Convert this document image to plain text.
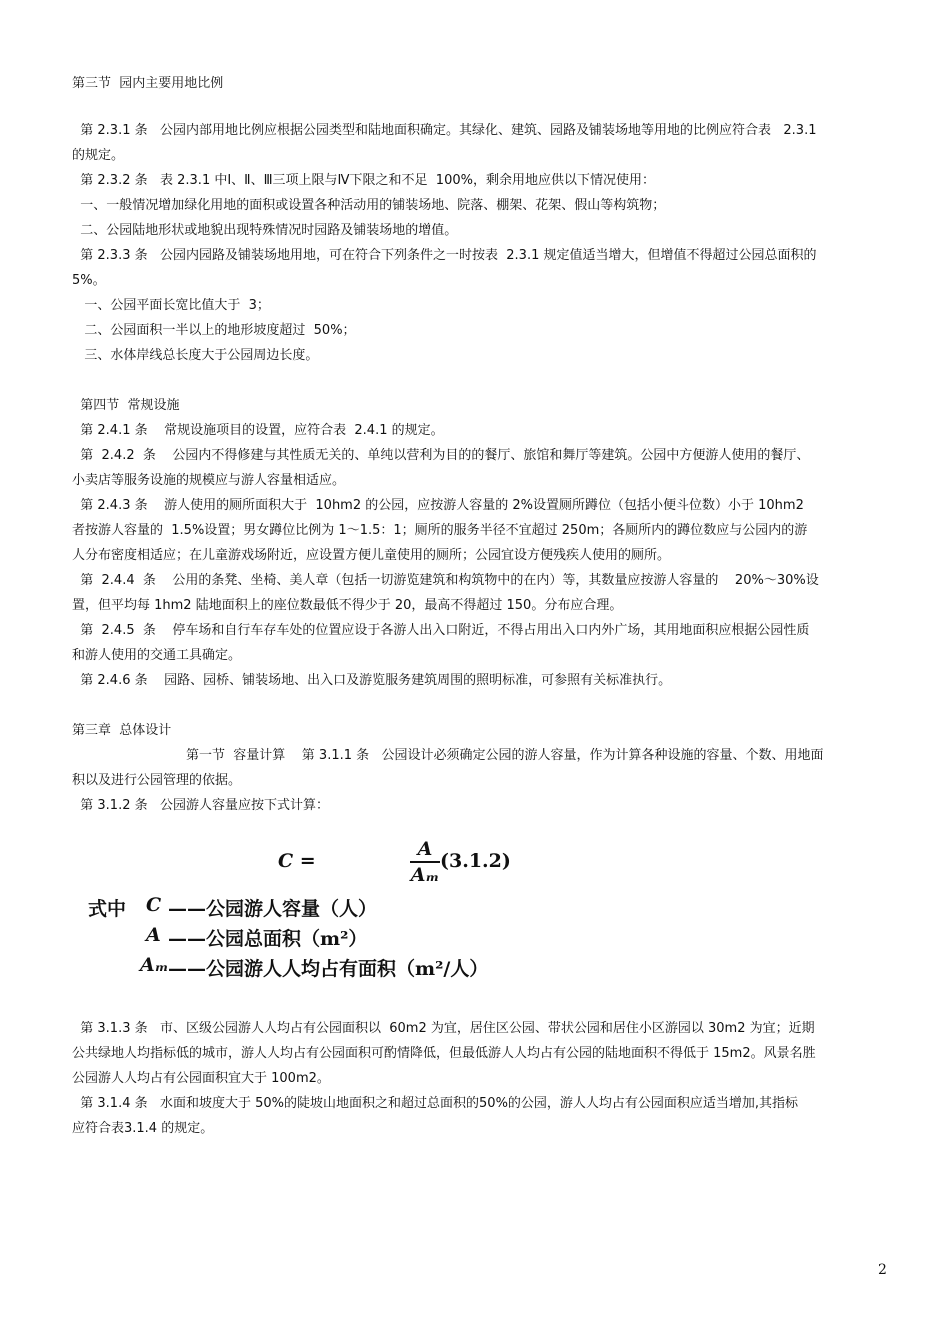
第三节  园内主要用地比例
第 2.3.1 条   公园内部用地比例应根据公园类型和陆地面积确定。其绿化、建筑、园路及铺装场地等用地的比例应符合表   2.3.1
的规定。
第 2.3.2 条   表 2.3.1 中Ⅰ、Ⅱ、Ⅲ三项上限与Ⅳ下限之和不足  100%，剩余用地应供以下情况使用：
一、一般情况增加绿化用地的面积或设置各种活动用的铺装场地、院落、棚架、花架、假山等构筑物；
二、公园陆地形状或地貌出现特殊情况时园路及铺装场地的增值。
第 2.3.3 条   公园内园路及铺装场地用地，可在符合下列条件之一时按表  2.3.1 规定值适当增大，但增值不得超过公园总面积的
5%。
一、公园平面长宽比值大于  3；
二、公园面积一半以上的地形坡度超过  50%；
三、水体岸线总长度大于公园周边长度。
第四节  常规设施
第 2.4.1 条    常规设施项目的设置，应符合表  2.4.1 的规定。
第  2.4.2  条    公园内不得修建与其性质无关的、单纯以营利为目的的餐厅、旅馆和舞厅等建筑。公园中方便游人使用的餐厅、
小卖店等服务设施的规模应与游人容量相适应。
第 2.4.3 条    游人使用的厕所面积大于  10hm2 的公园，应按游人容量的 2%设置厕所蹲位（包括小便斗位数）小于 10hm2
者按游人容量的  1.5%设置；男女蹲位比例为 1～1.5：1；厕所的服务半径不宜超过 250m；各厕所内的蹲位数应与公园内的游
人分布密度相适应；在儿童游戏场附近，应设置方便儿童使用的厕所；公园宜设方便残疾人使用的厕所。
第  2.4.4  条    公用的条凳、坐椅、美人章（包括一切游览建筑和构筑物中的在内）等，其数量应按游人容量的    20%～30%设
置，但平均每 1hm2 陆地面积上的座位数最低不得少于 20，最高不得超过 150。分布应合理。
第  2.4.5  条    停车场和自行车存车处的位置应设于各游人出入口附近，不得占用出入口内外广场，其用地面积应根据公园性质
和游人使用的交通工具确定。
第 2.4.6 条    园路、园桥、铺装场地、出入口及游览服务建筑周围的照明标准，可参照有关标准执行。
第三章  总体设计
第一节  容量计算    第 3.1.1 条   公园设计必须确定公园的游人容量，作为计算各种设施的容量、个数、用地面
积以及进行公园管理的依据。
第 3.1.2 条   公园游人容量应按下式计算：
第 3.1.3 条   市、区级公园游人人均占有公园面积以  60m2 为宜，居住区公园、带状公园和居住小区游园以 30m2 为宜；近期
公共绿地人均指标低的城市，游人人均占有公园面积可酌情降低，但最低游人人均占有公园的陆地面积不得低于 15m2。风景名胜
公园游人人均占有公园面积宜大于 100m2。
第 3.1.4 条   水面和坡度大于 50%的陡坡山地面积之和超过总面积的50%的公园，游人人均占有公园面积应适当增加,其指标
应符合表3.1.4 的规定。
C =
A
Aₘ
(3.1.2)
式中 C ——公园游人容量（人）
A ——公园总面积（m²）
Aₘ ——公园游人人均占有面积（m²/人）
2
